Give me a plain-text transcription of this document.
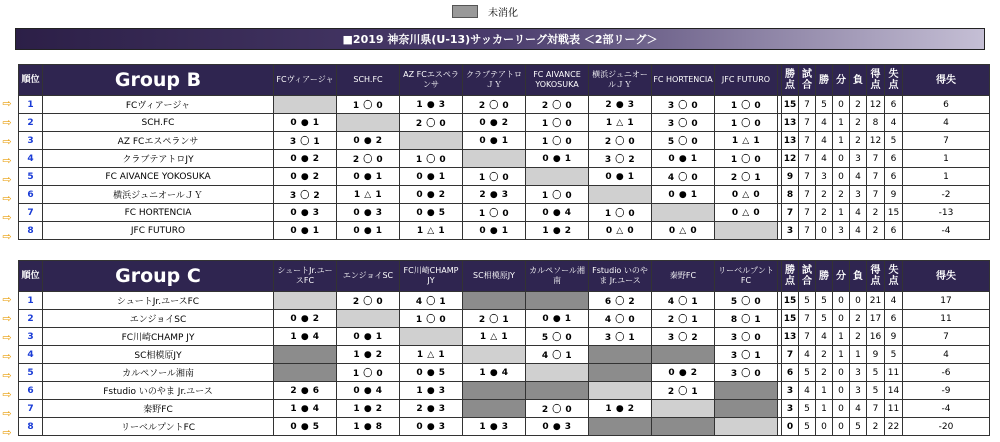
未消化
■2019 神奈川県(U-13)サッカーリーグ対戦表 ＜2部リーグ＞
⇨
⇨
⇨
⇨
⇨
⇨
⇨
⇨
順位	Group B	FCヴィアージャ	SCH.FC	AZ FCエスペランサ	クラブテアトロＪＹ	FC AIVANCE YOKOSUKA	横浜ジュニオールＪＹ	FC HORTENCIA	JFC FUTURO		勝点	試合	勝	分	負	得点	失点	得失
1	FCヴィアージャ		1 〇 0	1 ● 3	2 〇 0	2 〇 0	2 ● 3	3 〇 0	1 〇 0		15	7	5	0	2	12	6	6
2	SCH.FC	0 ● 1		2 〇 0	0 ● 2	1 〇 0	1 △ 1	3 〇 0	1 〇 0		13	7	4	1	2	8	4	4
3	AZ FCエスペランサ	3 〇 1	0 ● 2		0 ● 1	1 〇 0	2 〇 0	5 〇 0	1 △ 1		13	7	4	1	2	12	5	7
4	クラブテアトロJY	0 ● 2	2 〇 0	1 〇 0		0 ● 1	3 〇 2	0 ● 1	1 〇 0		12	7	4	0	3	7	6	1
5	FC AIVANCE YOKOSUKA	0 ● 2	0 ● 1	0 ● 1	1 〇 0		0 ● 1	4 〇 0	2 〇 1		9	7	3	0	4	7	6	1
6	横浜ジュニオールＪＹ	3 〇 2	1 △ 1	0 ● 2	2 ● 3	1 〇 0		0 ● 1	0 △ 0		8	7	2	2	3	7	9	-2
7	FC HORTENCIA	0 ● 3	0 ● 3	0 ● 5	1 〇 0	0 ● 4	1 〇 0		0 △ 0		7	7	2	1	4	2	15	-13
8	JFC FUTURO	0 ● 1	0 ● 1	1 △ 1	0 ● 1	1 ● 2	0 △ 0	0 △ 0			3	7	0	3	4	2	6	-4
⇨
⇨
⇨
⇨
⇨
⇨
⇨
⇨
順位	Group C	シュートJr.ユースFC	エンジョイSC	FC川崎CHAMP JY	SC相模原JY	カルペソール湘南	Fstudio いのやま Jr.ユース	秦野FC	リーベルプントFC		勝点	試合	勝	分	負	得点	失点	得失
1	シュートJr.ユースFC		2 〇 0	4 〇 1			6 〇 2	4 〇 1	5 〇 0		15	5	5	0	0	21	4	17
2	エンジョイSC	0 ● 2		1 〇 0	2 〇 1	0 ● 1	4 〇 0	2 〇 1	8 〇 1		15	7	5	0	2	17	6	11
3	FC川崎CHAMP JY	1 ● 4	0 ● 1		1 △ 1	5 〇 0	3 〇 1	3 〇 2	3 〇 0		13	7	4	1	2	16	9	7
4	SC相模原JY		1 ● 2	1 △ 1		4 〇 1			3 〇 1		7	4	2	1	1	9	5	4
5	カルペソール湘南		1 〇 0	0 ● 5	1 ● 4			0 ● 2	3 〇 0		6	5	2	0	3	5	11	-6
6	Fstudio いのやま Jr.ユース	2 ● 6	0 ● 4	1 ● 3				2 〇 1			3	4	1	0	3	5	14	-9
7	秦野FC	1 ● 4	1 ● 2	2 ● 3		2 〇 0	1 ● 2				3	5	1	0	4	7	11	-4
8	リーベルプントFC	0 ● 5	1 ● 8	0 ● 3	1 ● 3	0 ● 3					0	5	0	0	5	2	22	-20
